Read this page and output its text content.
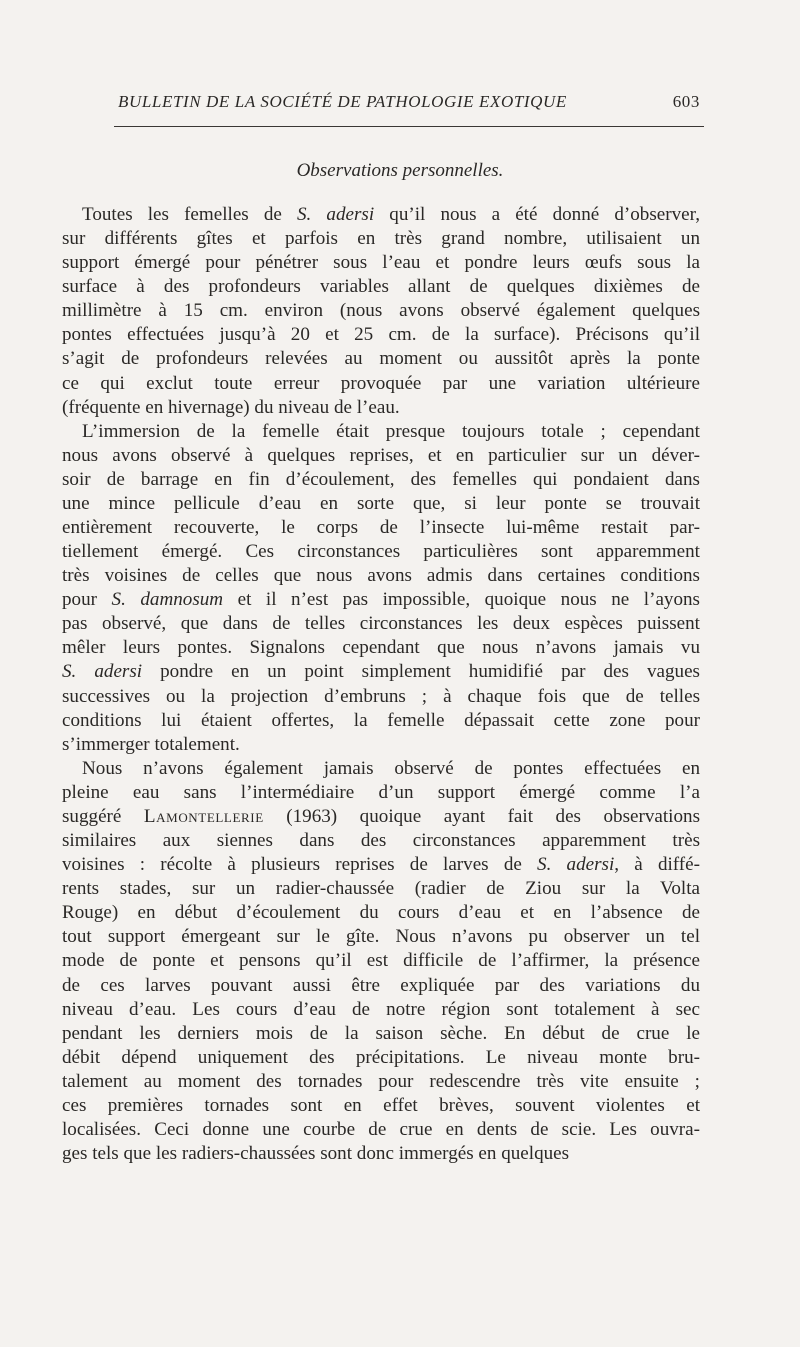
BULLETIN DE LA SOCIÉTÉ DE PATHOLOGIE EXOTIQUE	603
Observations personnelles.
Toutes les femelles de S. adersi qu’il nous a été donné d’observer,
sur différents gîtes et parfois en très grand nombre, utilisaient un
support émergé pour pénétrer sous l’eau et pondre leurs œufs sous la
surface à des profondeurs variables allant de quelques dixièmes de
millimètre à 15 cm. environ (nous avons observé également quelques
pontes effectuées jusqu’à 20 et 25 cm. de la surface). Précisons qu’il
s’agit de profondeurs relevées au moment ou aussitôt après la ponte
ce qui exclut toute erreur provoquée par une variation ultérieure
(fréquente en hivernage) du niveau de l’eau.
L’immersion de la femelle était presque toujours totale ; cependant
nous avons observé à quelques reprises, et en particulier sur un déver-
soir de barrage en fin d’écoulement, des femelles qui pondaient dans
une mince pellicule d’eau en sorte que, si leur ponte se trouvait
entièrement recouverte, le corps de l’insecte lui-même restait par-
tiellement émergé. Ces circonstances particulières sont apparemment
très voisines de celles que nous avons admis dans certaines conditions
pour S. damnosum et il n’est pas impossible, quoique nous ne l’ayons
pas observé, que dans de telles circonstances les deux espèces puissent
mêler leurs pontes. Signalons cependant que nous n’avons jamais vu
S. adersi pondre en un point simplement humidifié par des vagues
successives ou la projection d’embruns ; à chaque fois que de telles
conditions lui étaient offertes, la femelle dépassait cette zone pour
s’immerger totalement.
Nous n’avons également jamais observé de pontes effectuées en
pleine eau sans l’intermédiaire d’un support émergé comme l’a
suggéré Lamontellerie (1963) quoique ayant fait des observations
similaires aux siennes dans des circonstances apparemment très
voisines : récolte à plusieurs reprises de larves de S. adersi, à diffé-
rents stades, sur un radier-chaussée (radier de Ziou sur la Volta
Rouge) en début d’écoulement du cours d’eau et en l’absence de
tout support émergeant sur le gîte. Nous n’avons pu observer un tel
mode de ponte et pensons qu’il est difficile de l’affirmer, la présence
de ces larves pouvant aussi être expliquée par des variations du
niveau d’eau. Les cours d’eau de notre région sont totalement à sec
pendant les derniers mois de la saison sèche. En début de crue le
débit dépend uniquement des précipitations. Le niveau monte bru-
talement au moment des tornades pour redescendre très vite ensuite ;
ces premières tornades sont en effet brèves, souvent violentes et
localisées. Ceci donne une courbe de crue en dents de scie. Les ouvra-
ges tels que les radiers-chaussées sont donc immergés en quelques
